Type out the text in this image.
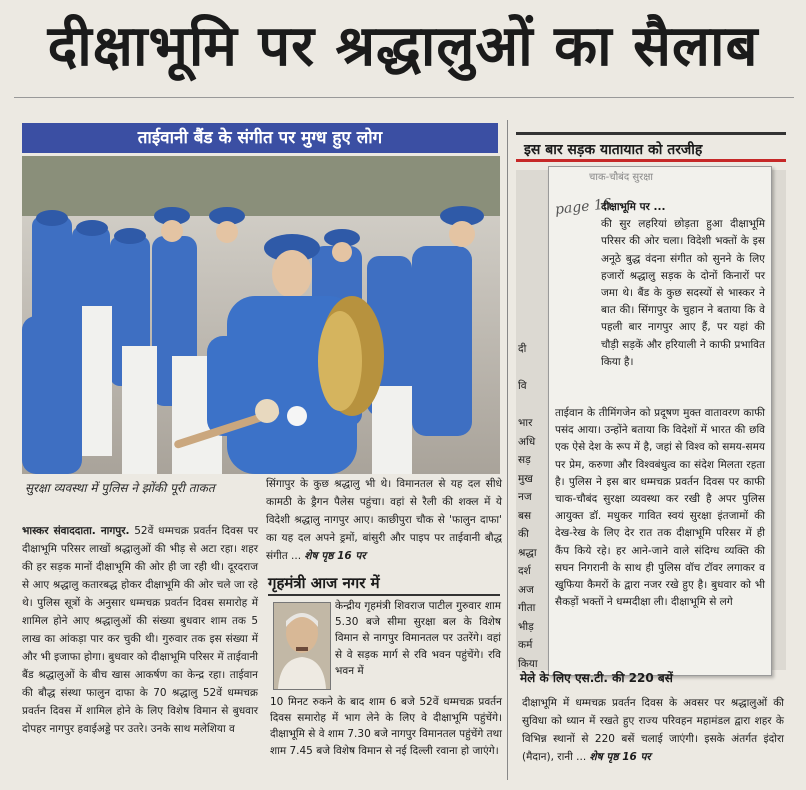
दीक्षाभूमि पर श्रद्धालुओं का सैलाब
ताईवानी बैंड के संगीत पर मुग्ध हुए लोग
सुरक्षा व्यवस्था में पुलिस ने झोंकी पूरी ताकत
भास्कर संवाददाता. नागपुर. 52वें धम्मचक्र प्रवर्तन दिवस पर दीक्षाभूमि परिसर लाखों श्रद्धालुओं की भीड़ से अटा रहा। शहर की हर सड़क मानों दीक्षाभूमि की ओर ही जा रही थी। दूरदराज से आए श्रद्धालु कतारबद्ध होकर दीक्षाभूमि की ओर चले जा रहे थे। पुलिस सूत्रों के अनुसार धम्मचक्र प्रवर्तन दिवस समारोह में शामिल होने आए श्रद्धालुओं की संख्या बुधवार शाम तक 5 लाख का आंकड़ा पार कर चुकी थी। गुरुवार तक इस संख्या में और भी इजाफा होगा। बुधवार को दीक्षाभूमि परिसर में ताईवानी बैंड श्रद्धालुओं के बीच खास आकर्षण का केन्द्र रहा। ताईवान की बौद्ध संस्था फालुन दाफा के 70 श्रद्धालु 52वें धम्मचक्र प्रवर्तन दिवस में शामिल होने के लिए विशेष विमान से बुधवार दोपहर नागपुर हवाईअड्डे पर उतरे। उनके साथ मलेशिया व
सिंगापुर के कुछ श्रद्धालु भी थे। विमानतल से यह दल सीधे कामठी के ड्रैगन पैलेस पहुंचा। वहां से रैली की शक्ल में ये विदेशी श्रद्धालु नागपुर आए। काछीपुरा चौक से 'फालुन दाफा' का यह दल अपने ड्रमों, बांसुरी और पाइप पर ताईवानी बौद्ध संगीत ... शेष पृष्ठ 16 पर
गृहमंत्री आज नगर में
केन्द्रीय गृहमंत्री शिवराज पाटील गुरुवार शाम 5.30 बजे सीमा सुरक्षा बल के विशेष विमान से नागपुर विमानतल पर उतरेंगे। वहां से वे सड़क मार्ग से रवि भवन पहुंचेंगे। रवि भवन में
10 मिनट रुकने के बाद शाम 6 बजे 52वें धम्मचक्र प्रवर्तन दिवस समारोह में भाग लेने के लिए वे दीक्षाभूमि पहुंचेंगे। दीक्षाभूमि से वे शाम 7.30 बजे नागपुर विमानतल पहुंचेंगे तथा शाम 7.45 बजे विशेष विमान से नई दिल्ली रवाना हो जाएंगे।
इस बार सड़क यातायात को तरजीह
दी

वि

भार
अधि
सड़
मुख
नज
बस
की
श्रद्धा
दर्श
अज
गीता
भीड़
कर्म
किया
चाक-चौबंद सुरक्षा
page 16
दीक्षाभूमि पर ...
की सुर लहरियां छोड़ता हुआ दीक्षाभूमि परिसर की ओर चला। विदेशी भक्तों के इस अनूठे बुद्ध वंदना संगीत को सुनने के लिए हजारों श्रद्धालु सड़क के दोनों किनारों पर जमा थे। बैंड के कुछ सदस्यों से भास्कर ने बात की। सिंगापुर के चुहान ने बताया कि वे पहली बार नागपुर आए हैं, पर यहां की चौड़ी सड़कें और हरियाली ने काफी प्रभावित किया है।
ताईवान के तीमिंगजेन को प्रदूषण मुक्त वातावरण काफी पसंद आया। उन्होंने बताया कि विदेशों में भारत की छवि एक ऐसे देश के रूप में है, जहां से विश्व को समय-समय पर प्रेम, करुणा और विश्वबंधुत्व का संदेश मिलता रहता है। पुलिस ने इस बार धम्मचक्र प्रवर्तन दिवस पर काफी चाक-चौबंद सुरक्षा व्यवस्था कर रखी है अपर पुलिस आयुक्त डॉ. मधुकर गावित स्वयं सुरक्षा इंतजामों की देख-रेख के लिए देर रात तक दीक्षाभूमि परिसर में ही कैंप किये रहे। हर आने-जाने वाले संदिग्ध व्यक्ति की सघन निगरानी के साथ ही पुलिस वॉच टॉवर लगाकर व खुफिया कैमरों के द्वारा नजर रखे हुए है। बुधवार को भी सैकड़ों भक्तों ने धम्मदीक्षा ली। दीक्षाभूमि से लगे
मेले के लिए एस.टी. की 220 बसें
दीक्षाभूमि में धम्मचक्र प्रवर्तन दिवस के अवसर पर श्रद्धालुओं की सुविधा को ध्यान में रखते हुए राज्य परिवहन महामंडल द्वारा शहर के विभिन्न स्थानों से 220 बसें चलाई जाएंगी। इसके अंतर्गत इंदोरा (मैदान), रानी ... शेष पृष्ठ 16 पर
